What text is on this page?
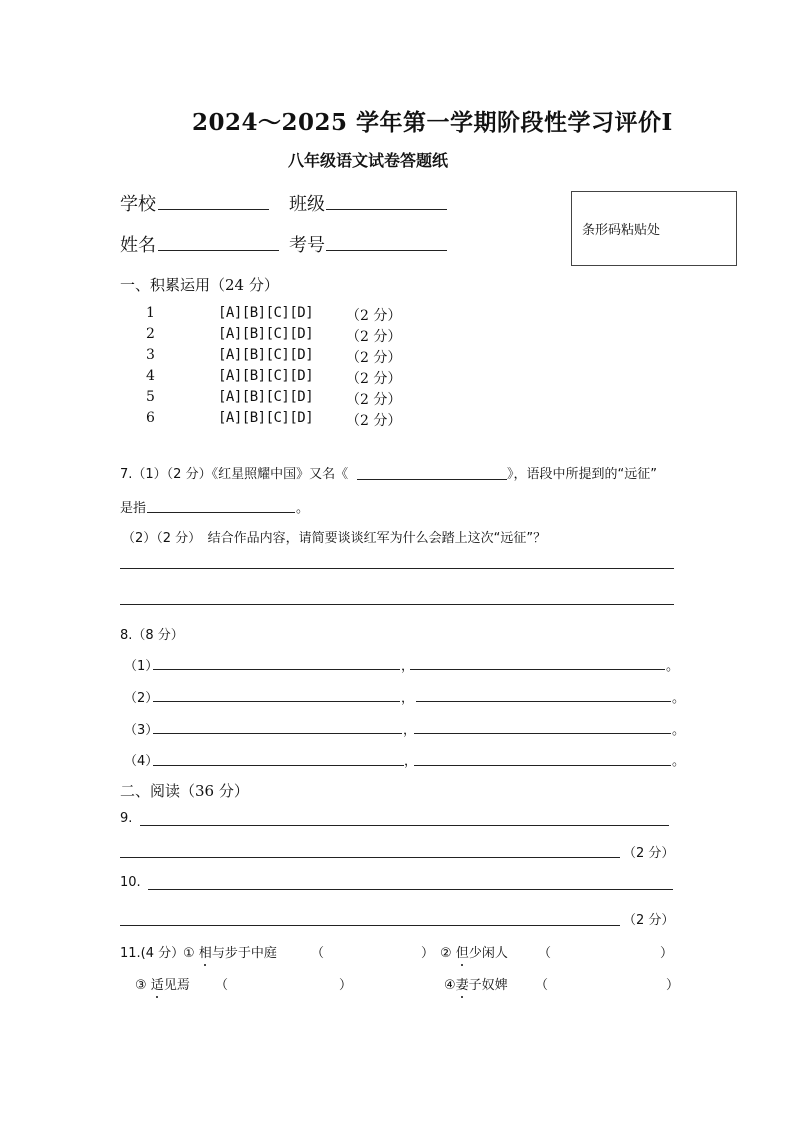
2024～2025 学年第一学期阶段性学习评价Ⅰ
八年级语文试卷答题纸
学校	班级
姓名	考号
条形码粘贴处
一、积累运用（24 分）
1	[A][B][C][D] （2 分）
2	[A][B][C][D] （2 分）
3	[A][B][C][D] （2 分）
4	[A][B][C][D] （2 分）
5	[A][B][C][D] （2 分）
6	[A][B][C][D] （2 分）
7.（1）（2 分）《红星照耀中国》又名《	》，语段中所提到的“远征”
是指	。
（2）（2 分）　结合作品内容，请简要谈谈红军为什么会踏上这次“远征”？
8.（8 分）
（1）	，	。
（2）	，	。
（3）	，	。
（4）	，	。
二、阅读（36 分）
9.
（2 分）
10.
（2 分）
11.(4 分）
① 相与步于中庭	（	） ② 但少闲人 （	）
③ 适见焉 （	）	④妻子奴婢 （	）
